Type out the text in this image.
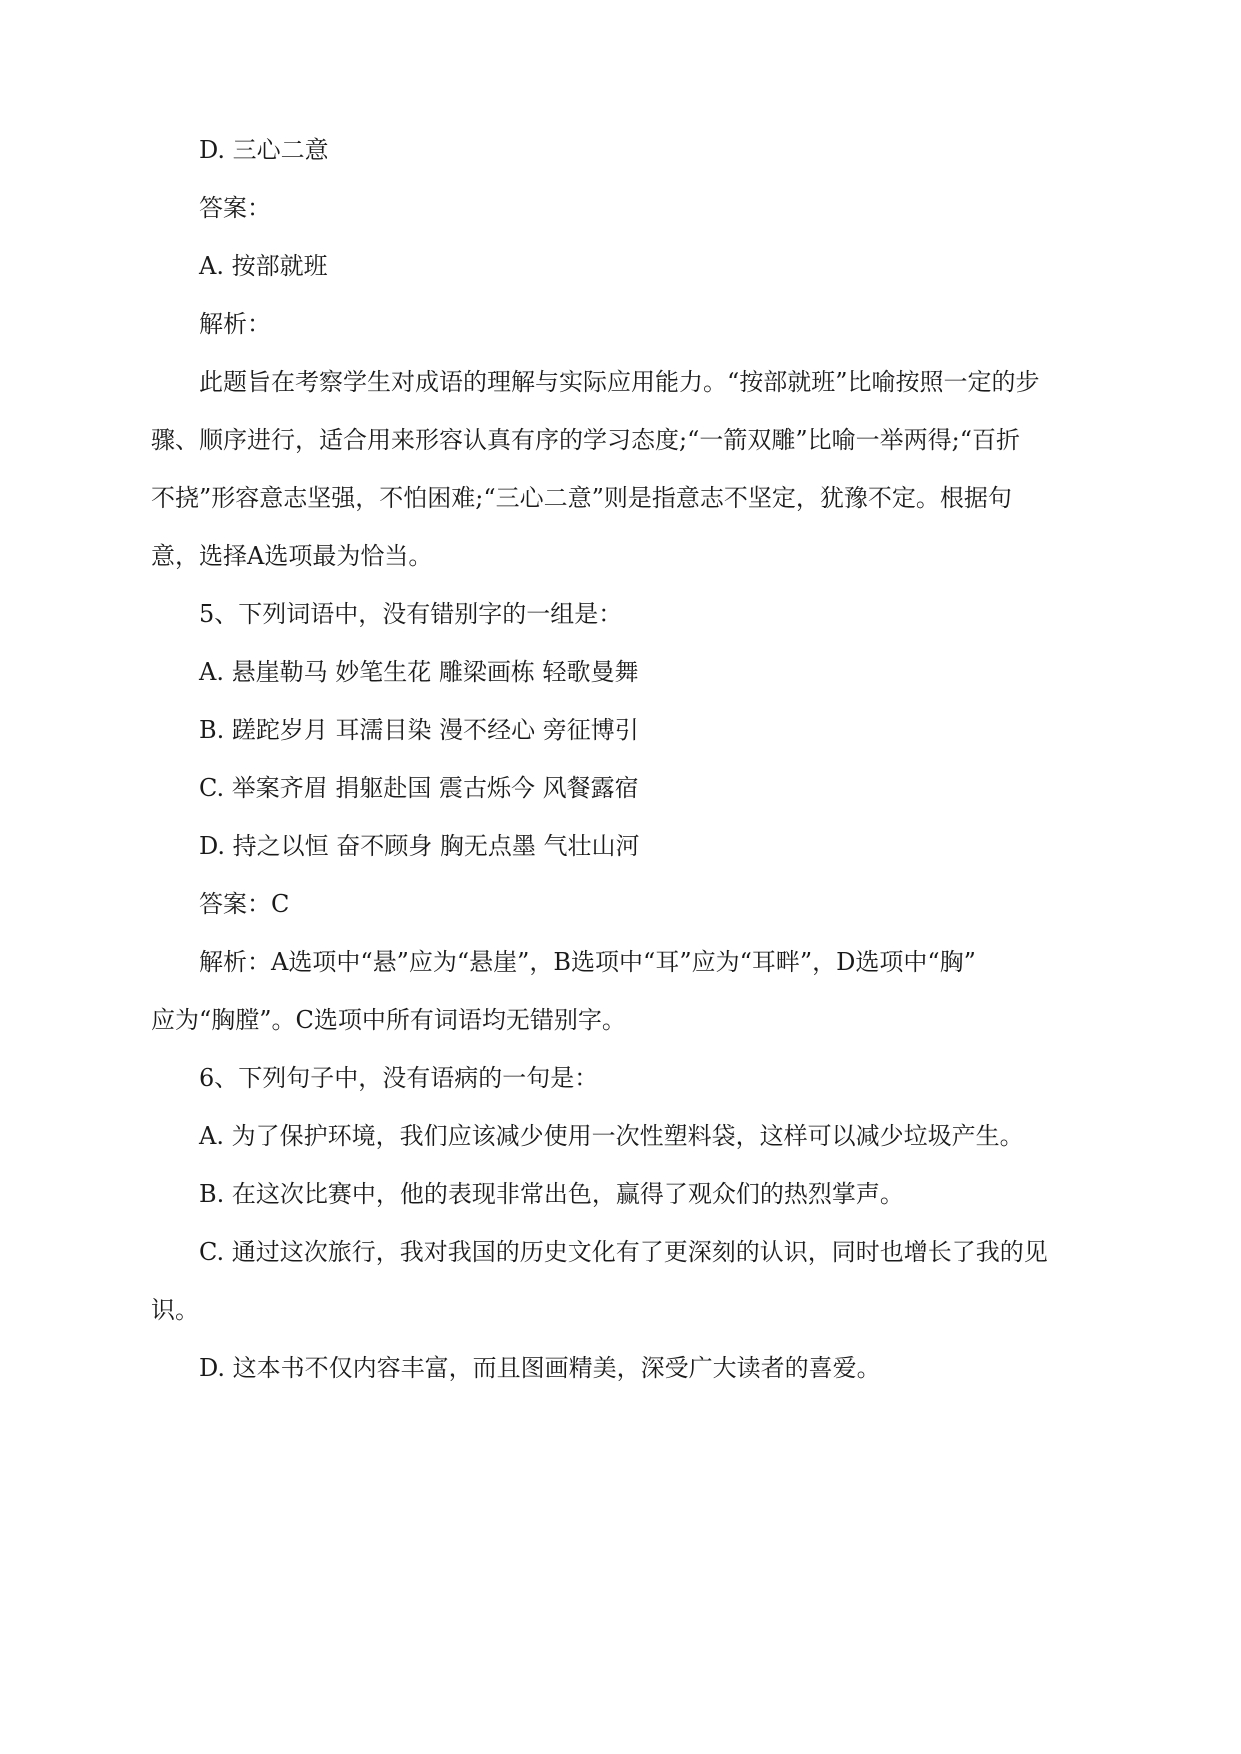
D. 三心二意
答案：
A. 按部就班
解析：
此题旨在考察学生对成语的理解与实际应用能力。“按部就班”比喻按照一定的步
骤、顺序进行，适合用来形容认真有序的学习态度;“一箭双雕”比喻一举两得;“百折
不挠”形容意志坚强，不怕困难;“三心二意”则是指意志不坚定，犹豫不定。根据句
意，选择A选项最为恰当。
5、下列词语中，没有错别字的一组是：
A. 悬崖勒马 妙笔生花 雕梁画栋 轻歌曼舞
B. 蹉跎岁月 耳濡目染 漫不经心 旁征博引
C. 举案齐眉 捐躯赴国 震古烁今 风餐露宿
D. 持之以恒 奋不顾身 胸无点墨 气壮山河
答案：C
解析：A选项中“悬”应为“悬崖”，B选项中“耳”应为“耳畔”，D选项中“胸”
应为“胸膛”。C选项中所有词语均无错别字。
6、下列句子中，没有语病的一句是：
A. 为了保护环境，我们应该减少使用一次性塑料袋，这样可以减少垃圾产生。
B. 在这次比赛中，他的表现非常出色，赢得了观众们的热烈掌声。
C. 通过这次旅行，我对我国的历史文化有了更深刻的认识，同时也增长了我的见
识。
D. 这本书不仅内容丰富，而且图画精美，深受广大读者的喜爱。
